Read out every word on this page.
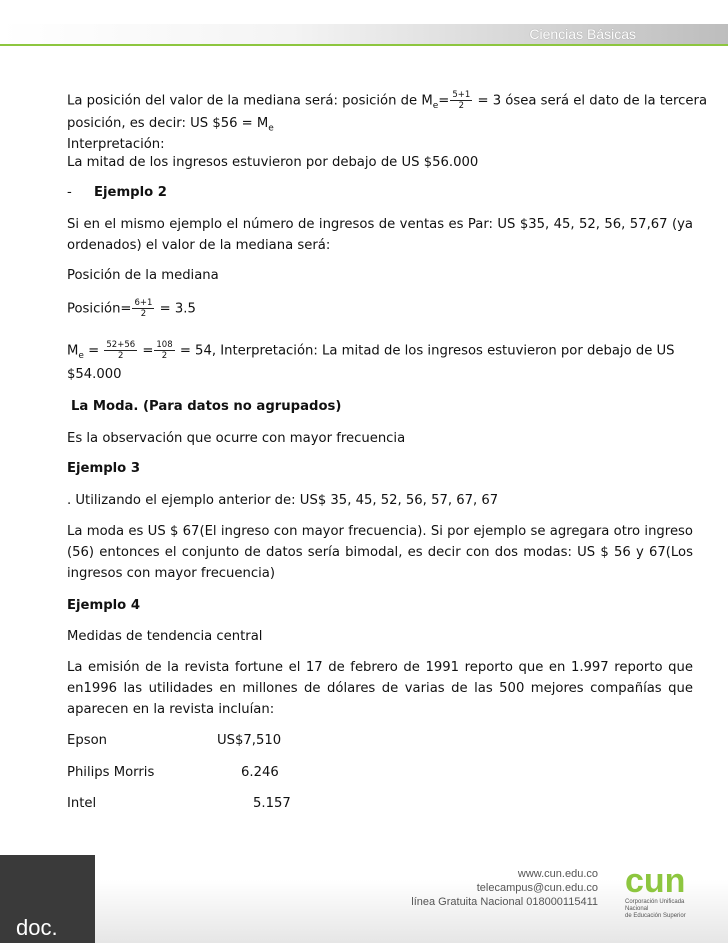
Ciencias Básicas
La posición del valor de la mediana será: posición de $M_e= \frac{5+1}{2} = 3$ ósea será el dato de la tercera
posición, es decir: US $56 = $M_e$
Interpretación:
La mitad de los ingresos estuvieron por debajo de US $56.000
- Ejemplo 2
Si en el mismo ejemplo el número de ingresos de ventas es Par: US $35, 45, 52, 56, 57,67 (ya ordenados) el valor de la mediana será:
Posición de la mediana
Posición= $\frac{6+1}{2} = 3.5$
$M_e = \frac{52+56}{2} = \frac{108}{2} = 54$, Interpretación: La mitad de los ingresos estuvieron por debajo de US
$54.000
La Moda. (Para datos no agrupados)
Es la observación que ocurre con mayor frecuencia
Ejemplo 3
. Utilizando el ejemplo anterior de: US$ 35, 45, 52, 56, 57, 67, 67
La moda es US $ 67(El ingreso con mayor frecuencia). Si por ejemplo se agregara otro ingreso (56) entonces el conjunto de datos sería bimodal, es decir con dos modas: US $ 56 y 67(Los ingresos con mayor frecuencia)
Ejemplo 4
Medidas de tendencia central
La emisión de la revista fortune el 17 de febrero de 1991 reporto que en 1.997 reporto que en1996 las utilidades en millones de dólares de varias de las 500 mejores compañías que aparecen en la revista incluían:
Epson	US$7,510
Philips Morris	6.246
Intel	5.157
doc.
www.cun.edu.co
telecampus@cun.edu.co
línea Gratuita Nacional 018000115411
cun
Corporación Unificada Nacional
de Educación Superior
